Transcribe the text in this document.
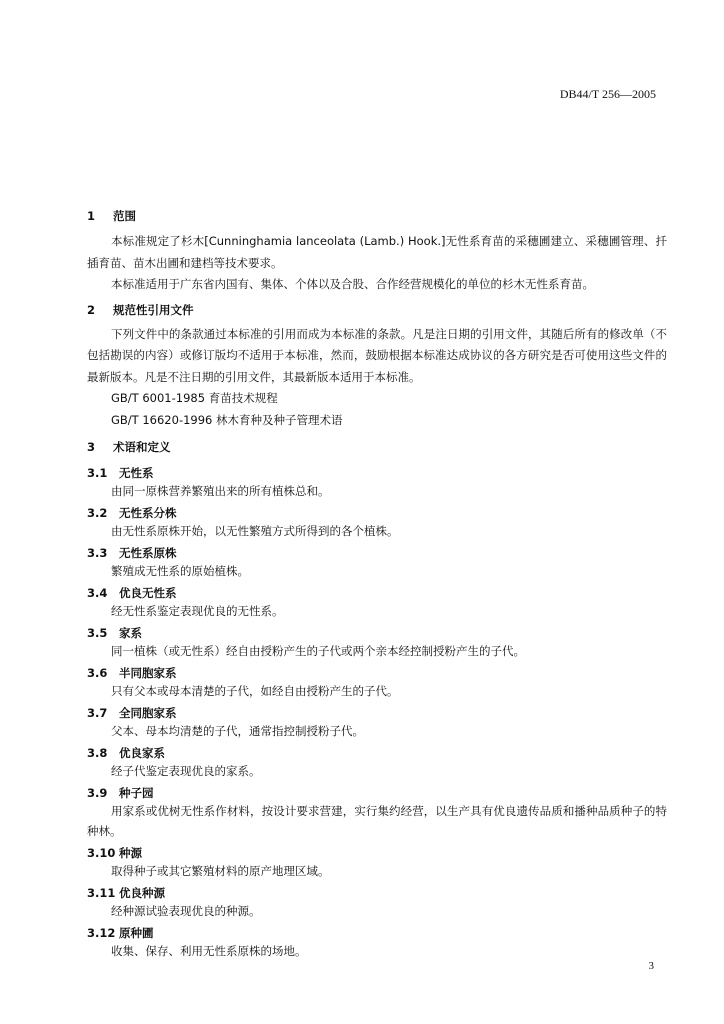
DB44/T 256—2005
1 范围

本标准规定了杉木[Cunninghamia lanceolata (Lamb.) Hook.]无性系育苗的采穗圃建立、采穗圃管理、扦插育苗、苗木出圃和建档等技术要求。

本标准适用于广东省内国有、集体、个体以及合股、合作经营规模化的单位的杉木无性系育苗。

2 规范性引用文件

下列文件中的条款通过本标准的引用而成为本标准的条款。凡是注日期的引用文件，其随后所有的修改单（不包括勘误的内容）或修订版均不适用于本标准，然而，鼓励根据本标准达成协议的各方研究是否可使用这些文件的最新版本。凡是不注日期的引用文件，其最新版本适用于本标准。

GB/T 6001-1985 育苗技术规程

GB/T 16620-1996 林木育种及种子管理术语

3 术语和定义
3.1 无性系

由同一原株营养繁殖出来的所有植株总和。

3.2 无性系分株

由无性系原株开始，以无性繁殖方式所得到的各个植株。

3.3 无性系原株

繁殖成无性系的原始植株。

3.4 优良无性系

经无性系鉴定表现优良的无性系。

3.5 家系

同一植株（或无性系）经自由授粉产生的子代或两个亲本经控制授粉产生的子代。

3.6 半同胞家系

只有父本或母本清楚的子代，如经自由授粉产生的子代。

3.7 全同胞家系

父本、母本均清楚的子代，通常指控制授粉子代。

3.8 优良家系

经子代鉴定表现优良的家系。

3.9 种子园

用家系或优树无性系作材料，按设计要求营建，实行集约经营，以生产具有优良遗传品质和播种品质种子的特种林。

3.10 种源

取得种子或其它繁殖材料的原产地理区域。

3.11 优良种源

经种源试验表现优良的种源。

3.12 原种圃

收集、保存、利用无性系原株的场地。

3
